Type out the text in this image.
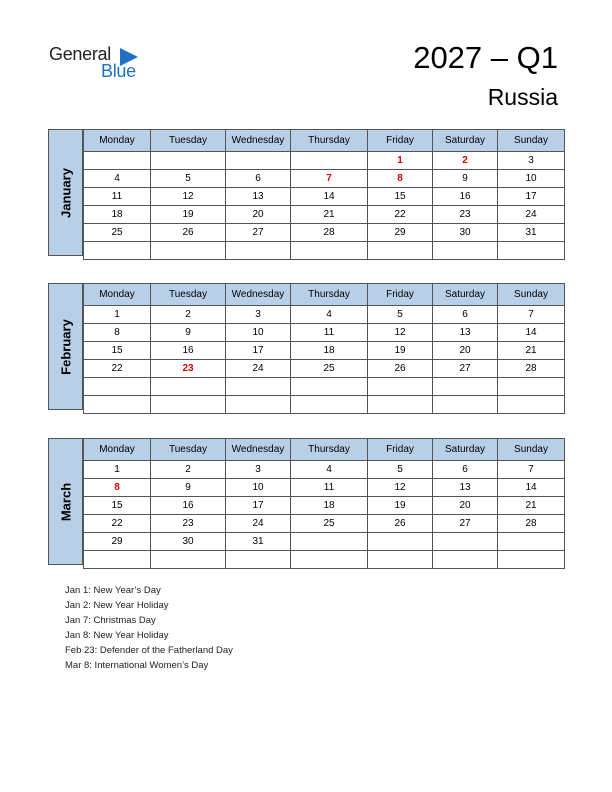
General
Blue	2027 – Q1
Russia
January
Monday	Tuesday	Wednesday	Thursday	Friday	Saturday	Sunday
				1	2	3
4	5	6	7	8	9	10
11	12	13	14	15	16	17
18	19	20	21	22	23	24
25	26	27	28	29	30	31

February
Monday	Tuesday	Wednesday	Thursday	Friday	Saturday	Sunday
1	2	3	4	5	6	7
8	9	10	11	12	13	14
15	16	17	18	19	20	21
22	23	24	25	26	27	28

March
Monday	Tuesday	Wednesday	Thursday	Friday	Saturday	Sunday
1	2	3	4	5	6	7
8	9	10	11	12	13	14
15	16	17	18	19	20	21
22	23	24	25	26	27	28
29	30	31				

Jan 1: New Year’s Day
Jan 2: New Year Holiday
Jan 7: Christmas Day
Jan 8: New Year Holiday
Feb 23: Defender of the Fatherland Day
Mar 8: International Women’s Day
